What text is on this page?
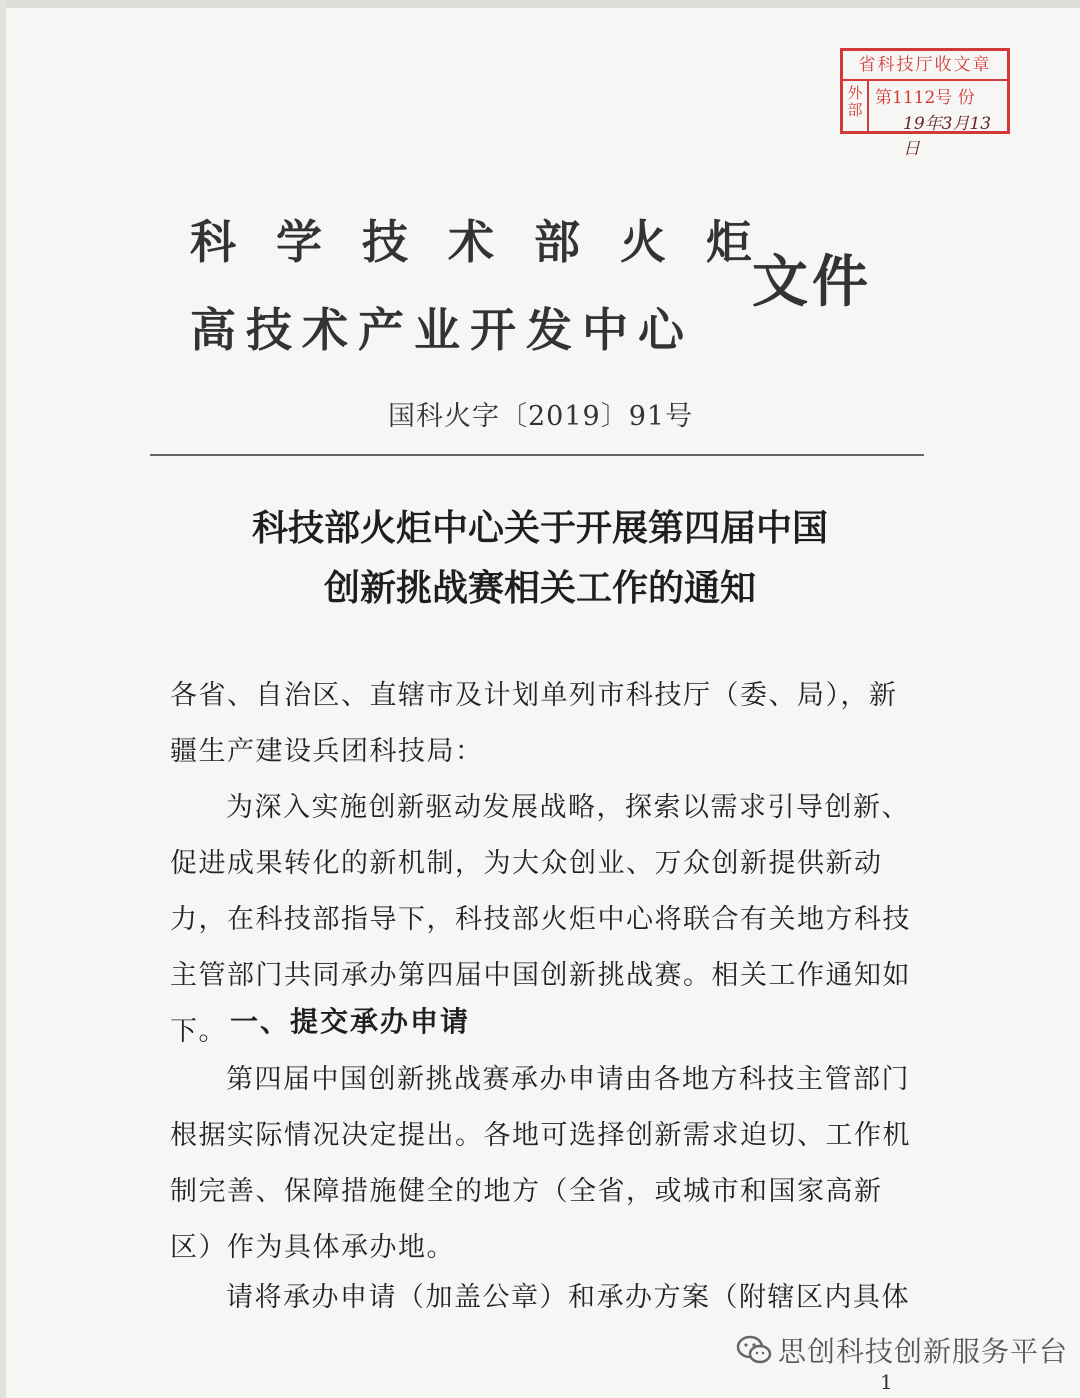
省科技厅收文章
外部
第1112号 份
19年3月13日
科学技术部火炬
高技术产业开发中心
文件
国科火字〔2019〕91号
科技部火炬中心关于开展第四届中国
创新挑战赛相关工作的通知
各省、自治区、直辖市及计划单列市科技厅（委、局），新疆生产建设兵团科技局：
为深入实施创新驱动发展战略，探索以需求引导创新、促进成果转化的新机制，为大众创业、万众创新提供新动力，在科技部指导下，科技部火炬中心将联合有关地方科技主管部门共同承办第四届中国创新挑战赛。相关工作通知如下。 一、提交承办申请
第四届中国创新挑战赛承办申请由各地方科技主管部门根据实际情况决定提出。各地可选择创新需求迫切、工作机制完善、保障措施健全的地方（全省，或城市和国家高新区）作为具体承办地。
请将承办申请（加盖公章）和承办方案（附辖区内具体
思创科技创新服务平台
1
